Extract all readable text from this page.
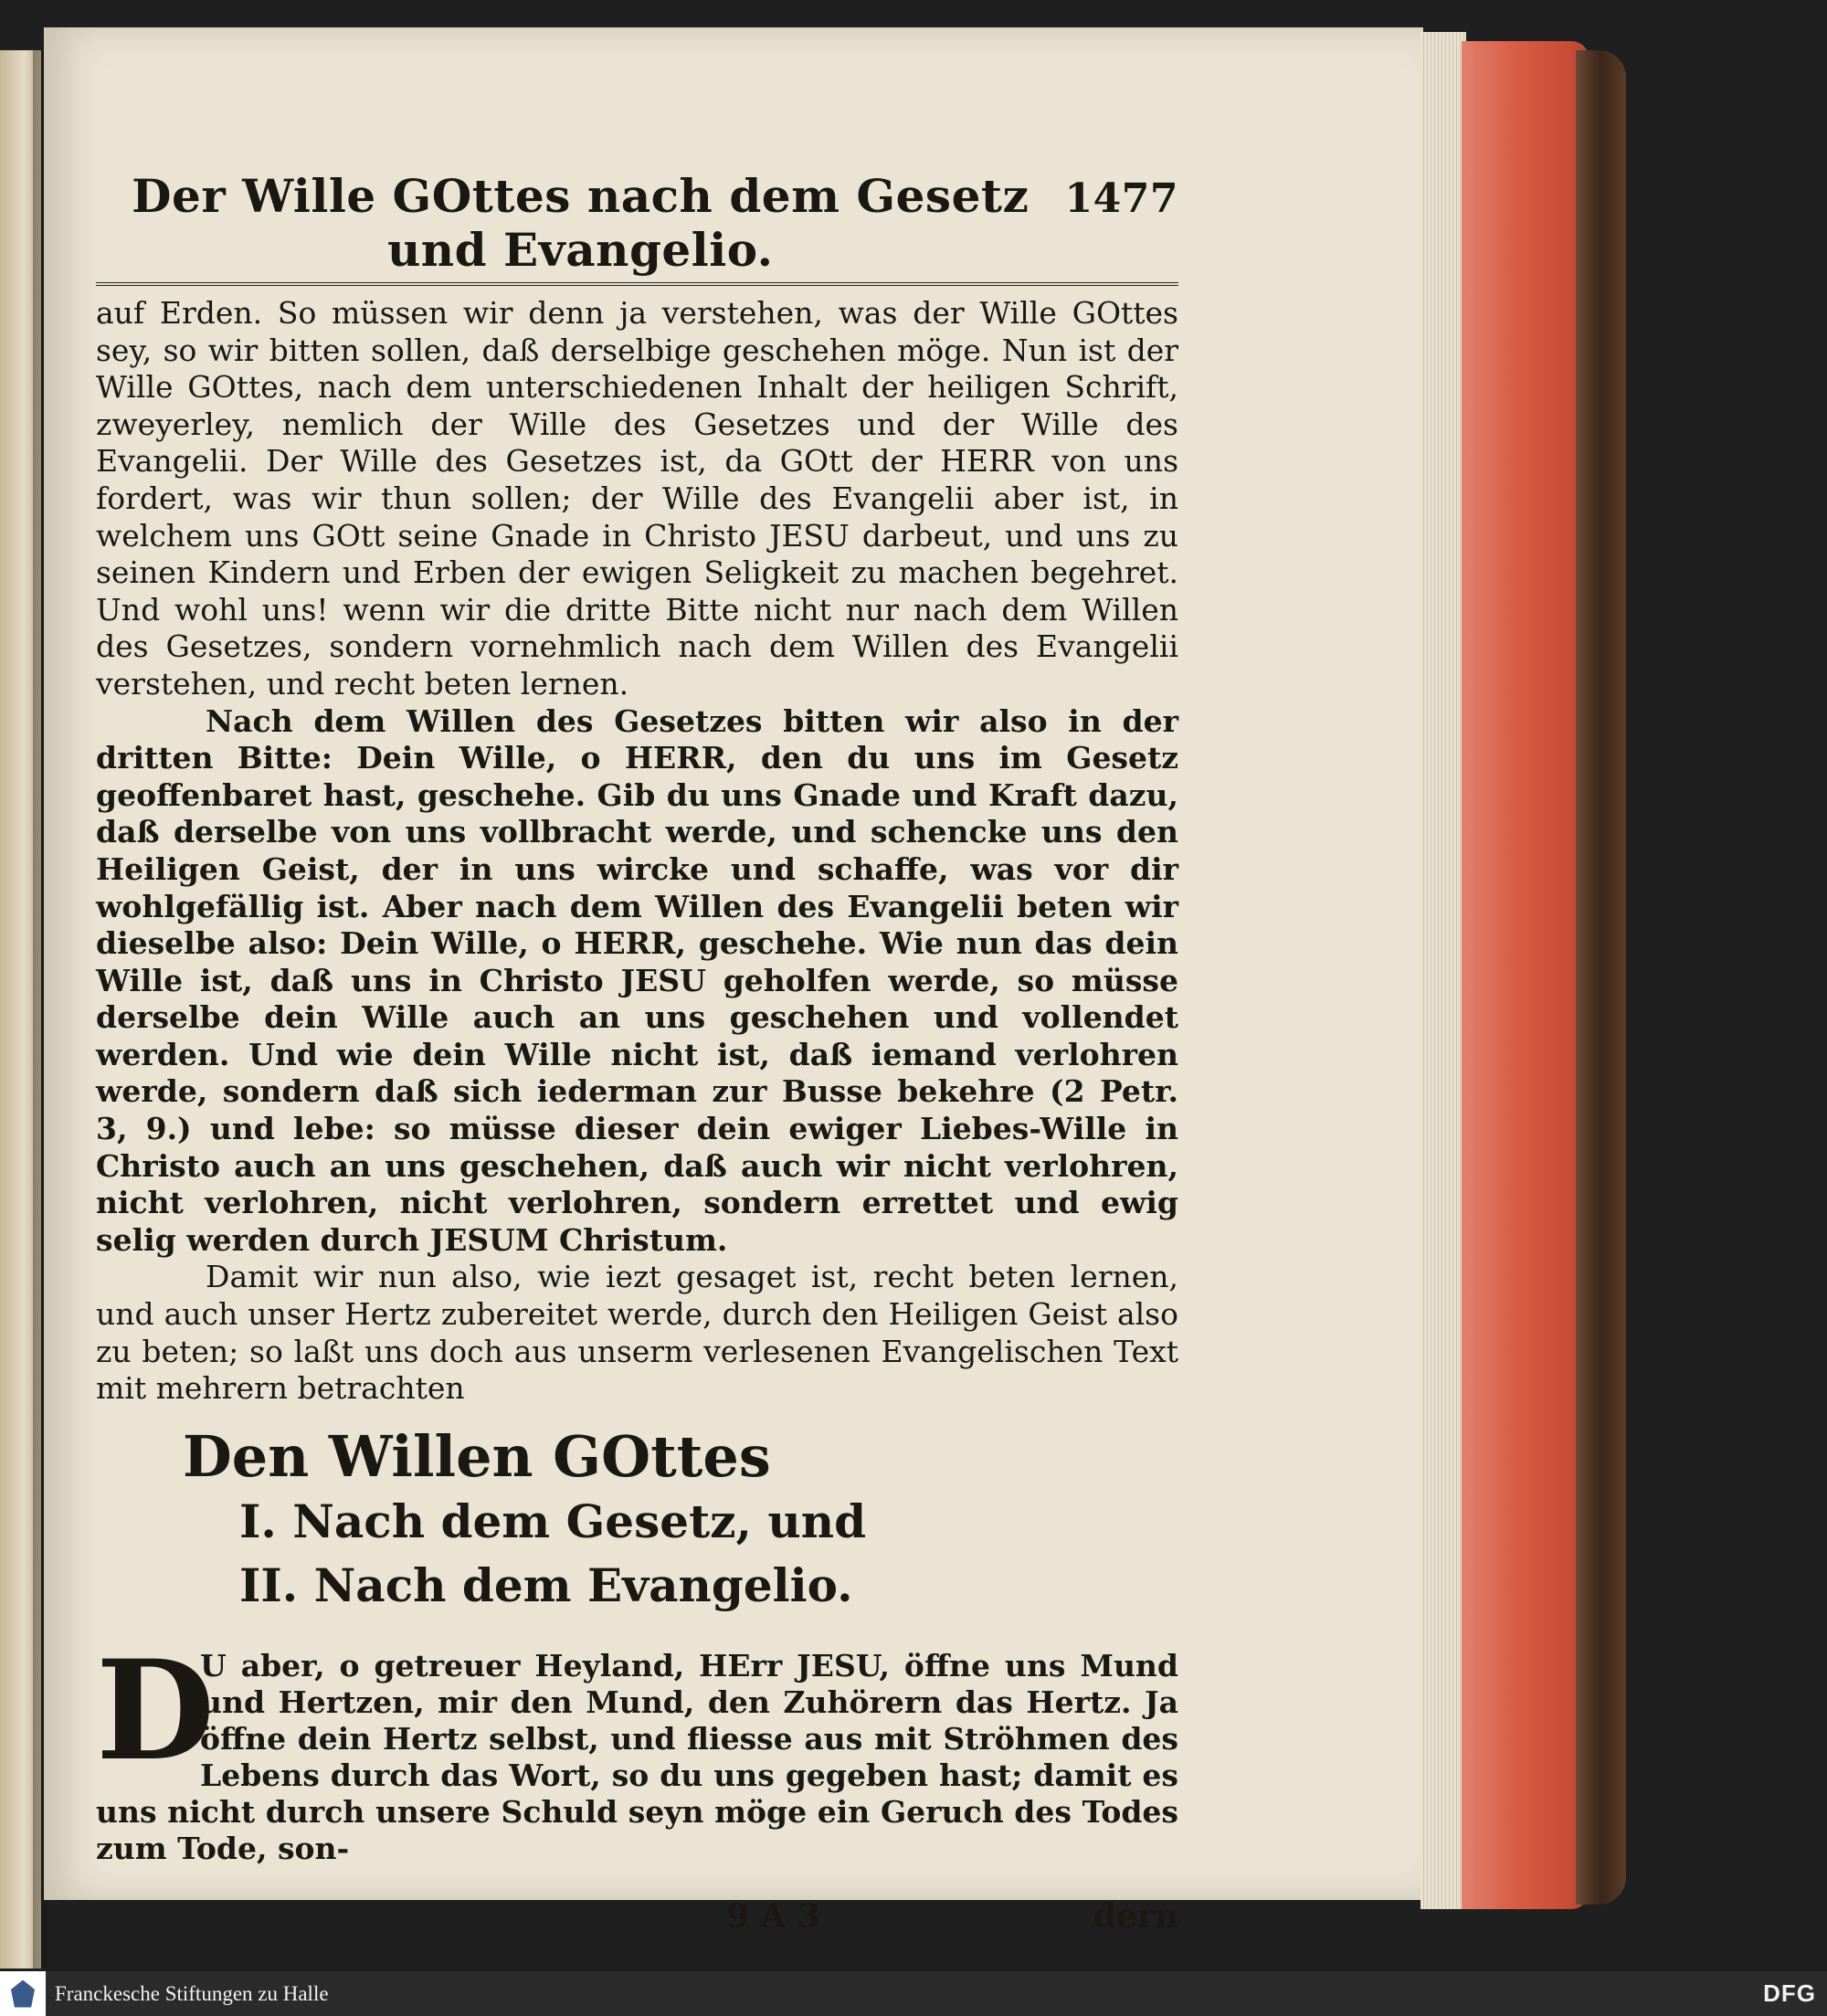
Der Wille GOttes nach dem Gesetz und Evangelio.
1477

auf Erden. So müssen wir denn ja verstehen, was der Wille GOttes sey, so wir bitten sollen, daß derselbige geschehen möge. Nun ist der Wille GOttes, nach dem unterschiedenen Inhalt der heiligen Schrift, zweyerley, nemlich der Wille des Gesetzes und der Wille des Evangelii. Der Wille des Gesetzes ist, da GOtt der HERR von uns fordert, was wir thun sollen; der Wille des Evangelii aber ist, in welchem uns GOtt seine Gnade in Christo JESU darbeut, und uns zu seinen Kindern und Erben der ewigen Seligkeit zu machen begehret. Und wohl uns! wenn wir die dritte Bitte nicht nur nach dem Willen des Gesetzes, sondern vornehmlich nach dem Willen des Evangelii verstehen, und recht beten lernen.

Nach dem Willen des Gesetzes bitten wir also in der dritten Bitte: Dein Wille, o HERR, den du uns im Gesetz geoffenbaret hast, geschehe. Gib du uns Gnade und Kraft dazu, daß derselbe von uns vollbracht werde, und schencke uns den Heiligen Geist, der in uns wircke und schaffe, was vor dir wohlgefällig ist. Aber nach dem Willen des Evangelii beten wir dieselbe also: Dein Wille, o HERR, geschehe. Wie nun das dein Wille ist, daß uns in Christo JESU geholfen werde, so müsse derselbe dein Wille auch an uns geschehen und vollendet werden. Und wie dein Wille nicht ist, daß iemand verlohren werde, sondern daß sich iederman zur Busse bekehre (2 Petr. 3, 9.) und lebe: so müsse dieser dein ewiger Liebes-Wille in Christo auch an uns geschehen, daß auch wir nicht verlohren, nicht verlohren, nicht verlohren, sondern errettet und ewig selig werden durch JESUM Christum.

Damit wir nun also, wie iezt gesaget ist, recht beten lernen, und auch unser Hertz zubereitet werde, durch den Heiligen Geist also zu beten; so laßt uns doch aus unserm verlesenen Evangelischen Text mit mehrern betrachten

Den Willen GOttes
I. Nach dem Gesetz, und
II. Nach dem Evangelio.
D

U aber, o getreuer Heyland, HErr JESU, öffne uns Mund und Hertzen, mir den Mund, den Zuhörern das Hertz. Ja öffne dein Hertz selbst, und fliesse aus mit Ströhmen des Lebens durch das Wort, so du uns gegeben hast; damit es uns nicht durch unsere Schuld seyn möge ein Geruch des Todes zum Tode, son-

9 A 3	dern
Franckesche Stiftungen zu Halle	DFG
